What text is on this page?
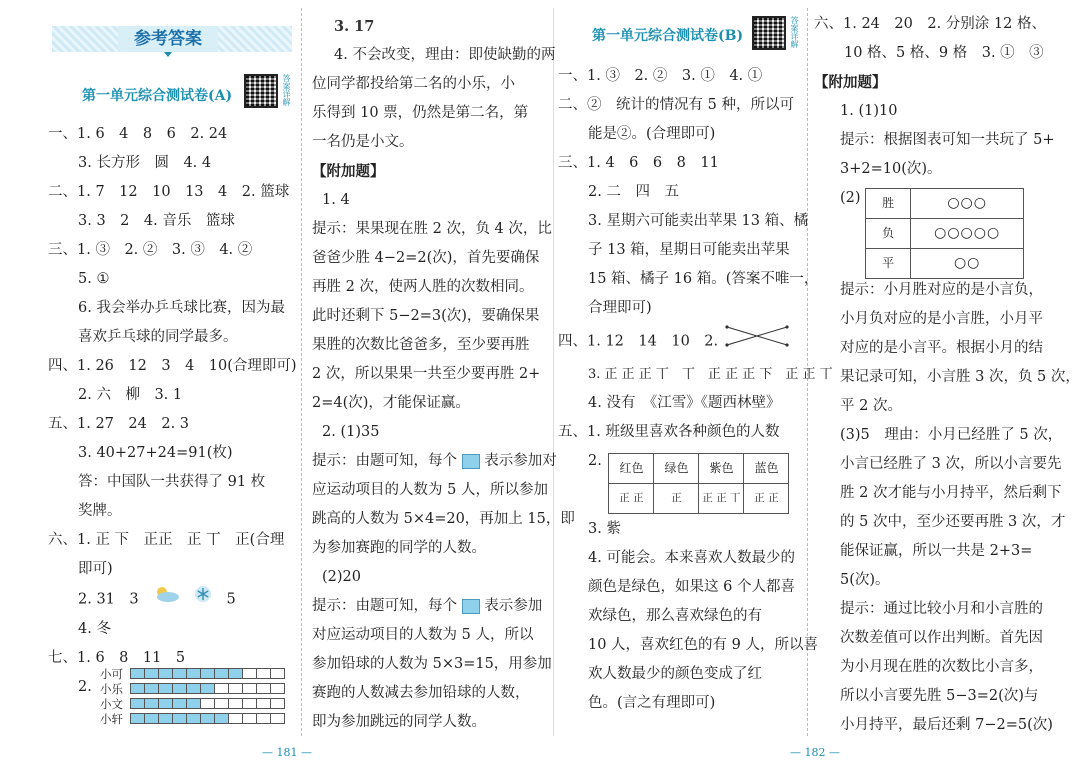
参考答案
答案详解
答案详解
第一单元综合测试卷(A)
一、1. 6　4　8　6　2. 24
3. 长方形　圆　4. 4
二、1. 7　12　10　13　4　2. 篮球
3. 3　2　4. 音乐　篮球
三、1. ③　2. ②　3. ③　4. ②
5. ①
6. 我会举办乒乓球比赛，因为最
喜欢乒乓球的同学最多。
四、1. 26　12　3　4　10(合理即可)
2. 六　柳　3. 1
五、1. 27　24　2. 3
3. 40+27+24=91(枚)
答：中国队一共获得了 91 枚
奖牌。
六、1. 正 下　正正　正 丅　正(合理
即可)
2. 31　3	5
4. 冬
七、1. 6　8　11　5
2.
小可
小乐
小文
小轩
3. 17
4. 不会改变，理由：即使缺勤的两
位同学都投给第二名的小乐，小
乐得到 10 票，仍然是第二名，第
一名仍是小文。
【附加题】
1. 4
提示：果果现在胜 2 次，负 4 次，比
爸爸少胜 4−2=2(次)，首先要确保
再胜 2 次，使两人胜的次数相同。
此时还剩下 5−2=3(次)，要确保果
果胜的次数比爸爸多，至少要再胜
2 次，所以果果一共至少要再胜 2+
2=4(次)，才能保证赢。
2. (1)35
提示：由题可知，每个 表示参加对
应运动项目的人数为 5 人，所以参加
跳高的人数为 5×4=20，再加上 15，即
为参加赛跑的同学的人数。
(2)20
提示：由题可知，每个 表示参加
对应运动项目的人数为 5 人，所以
参加铅球的人数为 5×3=15，用参加
赛跑的人数减去参加铅球的人数，
即为参加跳远的同学人数。
第一单元综合测试卷(B)
一、1. ③　2. ②　3. ①　4. ①
二、②　统计的情况有 5 种，所以可
能是②。(合理即可)
三、1. 4　6　6　8　11
2. 二　四　五
3. 星期六可能卖出苹果 13 箱、橘
子 13 箱，星期日可能卖出苹果
15 箱、橘子 16 箱。(答案不唯一，
合理即可)
四、1. 12　14　10　2.
3. 正 正 正 丅　丅　正 正 正 下　正 正 丅
4. 没有　《江雪》《题西林壁》
五、1. 班级里喜欢各种颜色的人数
2. 红色	绿色	紫色	蓝色
正 正	正	正 正 丅	正 正
3. 紫
4. 可能会。本来喜欢人数最少的
颜色是绿色，如果这 6 个人都喜
欢绿色，那么喜欢绿色的有
10 人，喜欢红色的有 9 人，所以喜
欢人数最少的颜色变成了红
色。(言之有理即可)
六、1. 24　20　2. 分别涂 12 格、
10 格、5 格、9 格　3. ①　③
【附加题】
1. (1)10
提示：根据图表可知一共玩了 5+
3+2=10(次)。
(2) 胜	○○○
负	○○○○○
平	○○
提示：小月胜对应的是小言负，
小月负对应的是小言胜，小月平
对应的是小言平。根据小月的结
果记录可知，小言胜 3 次，负 5 次，
平 2 次。
(3)5　理由：小月已经胜了 5 次，
小言已经胜了 3 次，所以小言要先
胜 2 次才能与小月持平，然后剩下
的 5 次中，至少还要再胜 3 次，才
能保证赢，所以一共是 2+3=
5(次)。
提示：通过比较小月和小言胜的
次数差值可以作出判断。首先因
为小月现在胜的次数比小言多，
所以小言要先胜 5−3=2(次)与
小月持平，最后还剩 7−2=5(次)
— 181 —	— 182 —
